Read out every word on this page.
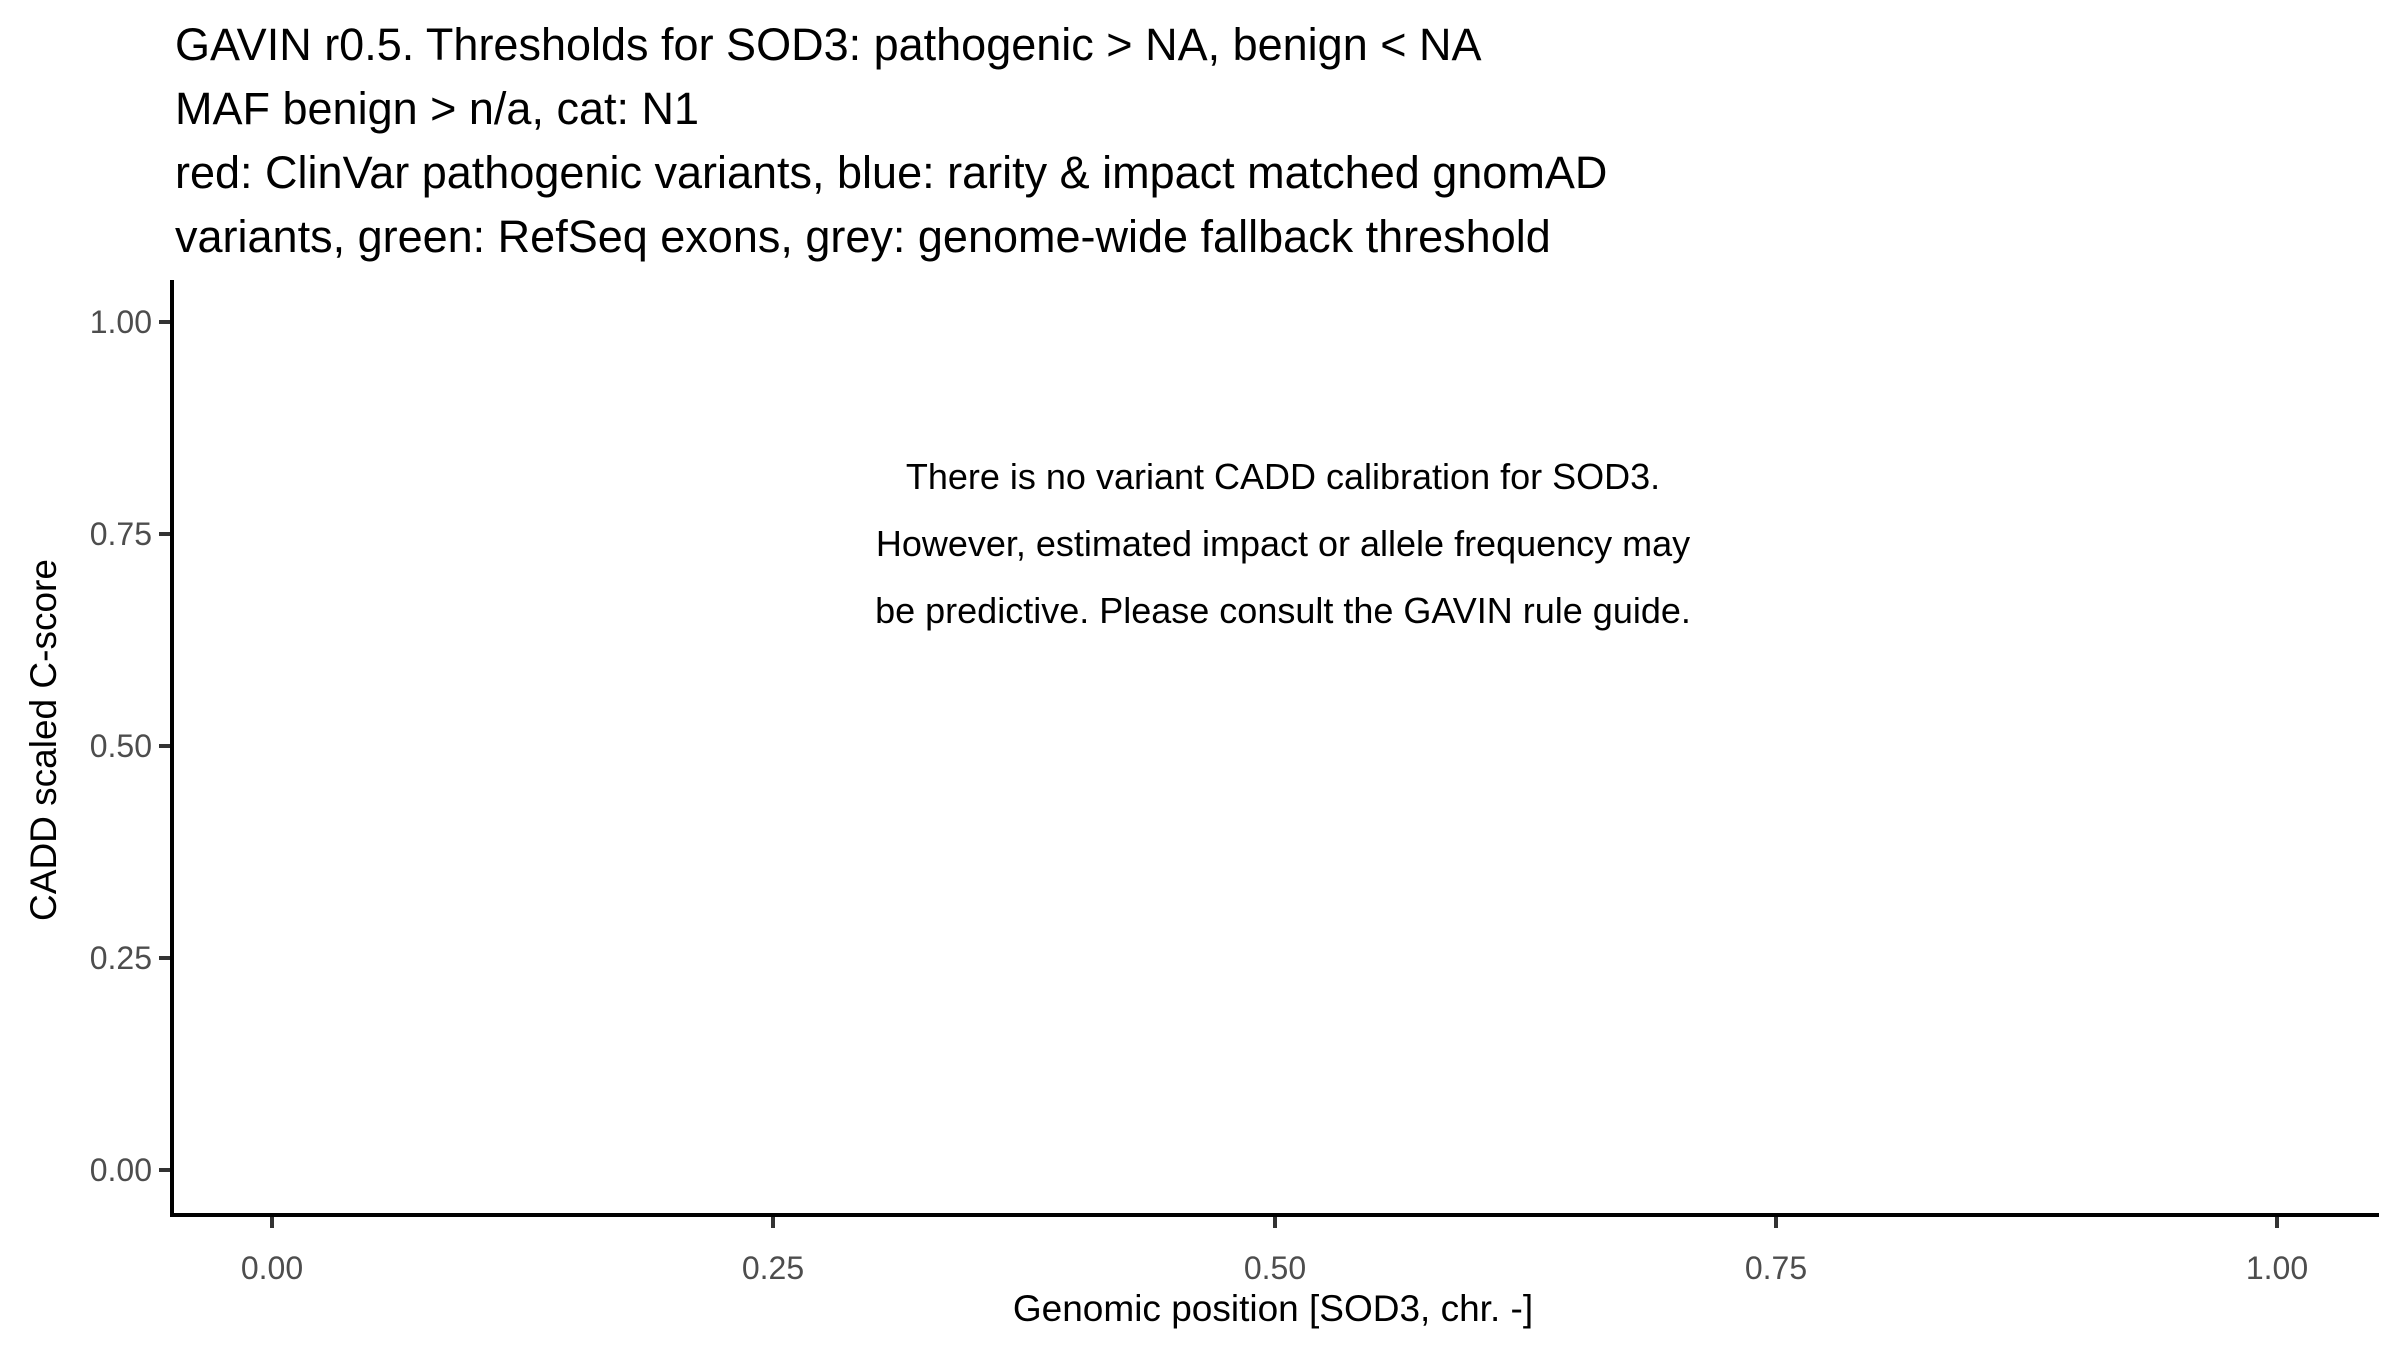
GAVIN r0.5. Thresholds for SOD3: pathogenic > NA, benign < NA
MAF benign > n/a, cat: N1
red: ClinVar pathogenic variants, blue: rarity & impact matched gnomAD
variants, green: RefSeq exons, grey: genome-wide fallback threshold
1.00
0.75
0.50
0.25
0.00
0.00	0.25	0.50	0.75	1.00
Genomic position [SOD3, chr. -]
CADD scaled C-score
There is no variant CADD calibration for SOD3.
However, estimated impact or allele frequency may
be predictive. Please consult the GAVIN rule guide.
